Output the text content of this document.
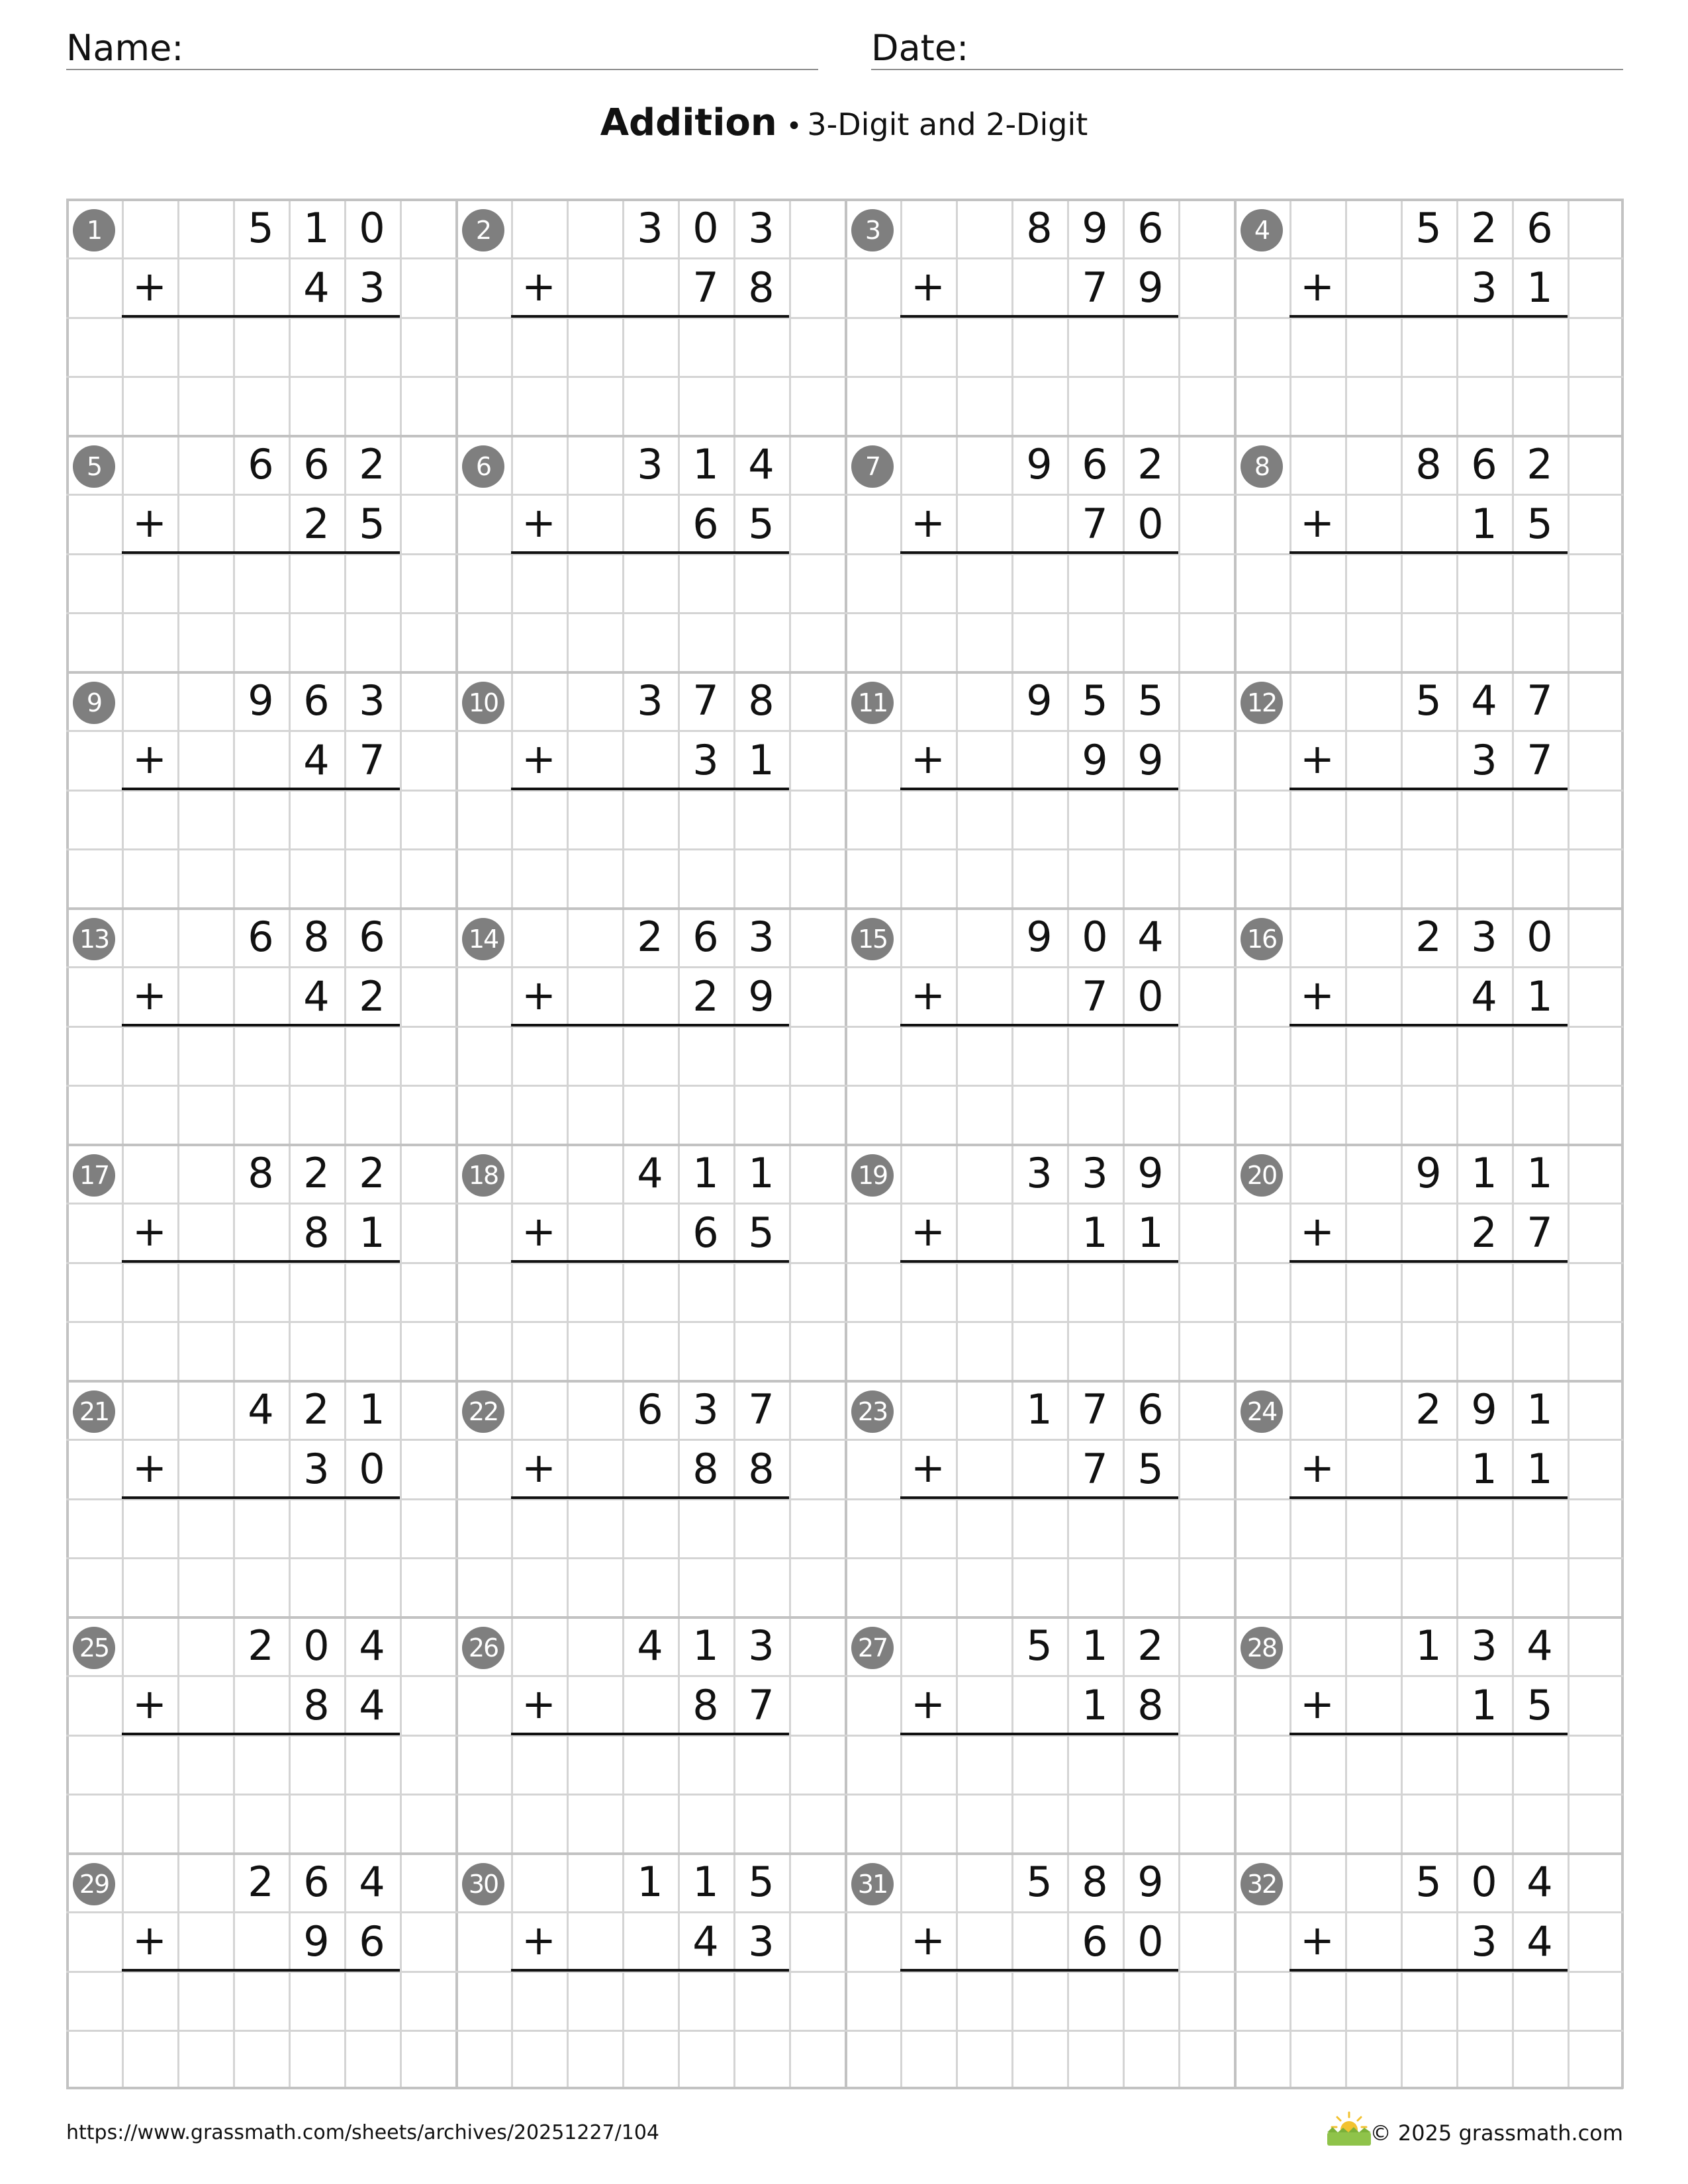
Name:	Date:
Addition • 3-Digit and 2-Digit
1	5 1 0
+	4 3
2	3 0 3
+	7 8
3	8 9 6
+	7 9
4	5 2 6
+	3 1
5	6 6 2
+	2 5
6	3 1 4
+	6 5
7	9 6 2
+	7 0
8	8 6 2
+	1 5
9	9 6 3
+	4 7
10	3 7 8
+	3 1
11	9 5 5
+	9 9
12	5 4 7
+	3 7
13	6 8 6
+	4 2
14	2 6 3
+	2 9
15	9 0 4
+	7 0
16	2 3 0
+	4 1
17	8 2 2
+	8 1
18	4 1 1
+	6 5
19	3 3 9
+	1 1
20	9 1 1
+	2 7
21	4 2 1
+	3 0
22	6 3 7
+	8 8
23	1 7 6
+	7 5
24	2 9 1
+	1 1
25	2 0 4
+	8 4
26	4 1 3
+	8 7
27	5 1 2
+	1 8
28	1 3 4
+	1 5
29	2 6 4
+	9 6
30	1 1 5
+	4 3
31	5 8 9
+	6 0
32	5 0 4
+	3 4
https://www.grassmath.com/sheets/archives/20251227/104	© 2025 grassmath.com
